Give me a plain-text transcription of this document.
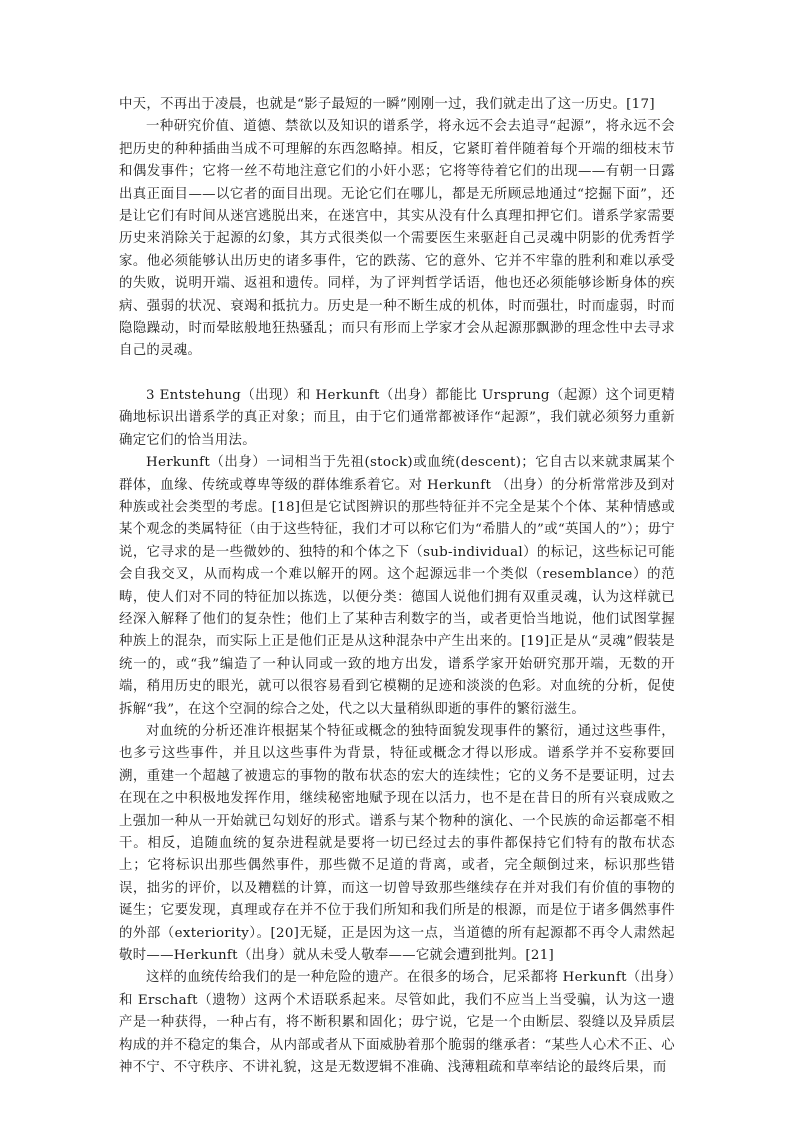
中天，不再出于凌晨，也就是“影子最短的一瞬”刚刚一过，我们就走出了这一历史。[17]

一种研究价值、道德、禁欲以及知识的谱系学，将永远不会去追寻“起源”，将永远不会把历史的种种插曲当成不可理解的东西忽略掉。相反，它紧盯着伴随着每个开端的细枝末节和偶发事件；它将一丝不苟地注意它们的小奸小恶；它将等待着它们的出现——有朝一日露出真正面目——以它者的面目出现。无论它们在哪儿，都是无所顾忌地通过“挖掘下面”，还是让它们有时间从迷宫逃脱出来，在迷宫中，其实从没有什么真理扣押它们。谱系学家需要历史来消除关于起源的幻象，其方式很类似一个需要医生来驱赶自己灵魂中阴影的优秀哲学家。他必须能够认出历史的诸多事件，它的跌荡、它的意外、它并不牢靠的胜利和难以承受的失败，说明开端、返祖和遗传。同样，为了评判哲学话语，他也还必须能够诊断身体的疾病、强弱的状况、衰竭和抵抗力。历史是一种不断生成的机体，时而强壮，时而虚弱，时而隐隐躁动，时而晕眩般地狂热骚乱；而只有形而上学家才会从起源那飘渺的理念性中去寻求自己的灵魂。

3 Entstehung（出现）和 Herkunft（出身）都能比 Ursprung（起源）这个词更精确地标识出谱系学的真正对象；而且，由于它们通常都被译作“起源”，我们就必须努力重新确定它们的恰当用法。

Herkunft（出身）一词相当于先祖(stock)或血统(descent)；它自古以来就隶属某个群体，血缘、传统或尊卑等级的群体维系着它。对 Herkunft （出身）的分析常常涉及到对种族或社会类型的考虑。[18]但是它试图辨识的那些特征并不完全是某个个体、某种情感或某个观念的类属特征（由于这些特征，我们才可以称它们为“希腊人的”或“英国人的”）；毋宁说，它寻求的是一些微妙的、独特的和个体之下（sub-individual）的标记，这些标记可能会自我交叉，从而构成一个难以解开的网。这个起源远非一个类似（resemblance）的范畴，使人们对不同的特征加以拣选，以便分类：德国人说他们拥有双重灵魂，认为这样就已经深入解释了他们的复杂性；他们上了某种吉利数字的当，或者更恰当地说，他们试图掌握种族上的混杂，而实际上正是他们正是从这种混杂中产生出来的。[19]正是从“灵魂”假装是统一的，或“我”编造了一种认同或一致的地方出发，谱系学家开始研究那开端，无数的开端，稍用历史的眼光，就可以很容易看到它模糊的足迹和淡淡的色彩。对血统的分析，促使拆解“我”，在这个空洞的综合之处，代之以大量稍纵即逝的事件的繁衍滋生。

对血统的分析还准许根据某个特征或概念的独特面貌发现事件的繁衍，通过这些事件，也多亏这些事件，并且以这些事件为背景，特征或概念才得以形成。谱系学并不妄称要回溯，重建一个超越了被遗忘的事物的散布状态的宏大的连续性；它的义务不是要证明，过去在现在之中积极地发挥作用，继续秘密地赋予现在以活力，也不是在昔日的所有兴衰成败之上强加一种从一开始就已勾划好的形式。谱系与某个物种的演化、一个民族的命运都毫不相干。相反，追随血统的复杂进程就是要将一切已经过去的事件都保持它们特有的散布状态上；它将标识出那些偶然事件，那些微不足道的背离，或者，完全颠倒过来，标识那些错误，拙劣的评价，以及糟糕的计算，而这一切曾导致那些继续存在并对我们有价值的事物的诞生；它要发现，真理或存在并不位于我们所知和我们所是的根源，而是位于诸多偶然事件的外部（exteriority）。[20]无疑，正是因为这一点，当道德的所有起源都不再令人肃然起敬时——Herkunft（出身）就从未受人敬奉——它就会遭到批判。[21]

这样的血统传给我们的是一种危险的遗产。在很多的场合，尼采都将 Herkunft（出身）和 Erschaft（遗物）这两个术语联系起来。尽管如此，我们不应当上当受骗，认为这一遗产是一种获得，一种占有，将不断积累和固化；毋宁说，它是一个由断层、裂缝以及异质层构成的并不稳定的集合，从内部或者从下面威胁着那个脆弱的继承者：“某些人心术不正、心神不宁、不守秩序、不讲礼貌，这是无数逻辑不准确、浅薄粗疏和草率结论的最终后果，而
